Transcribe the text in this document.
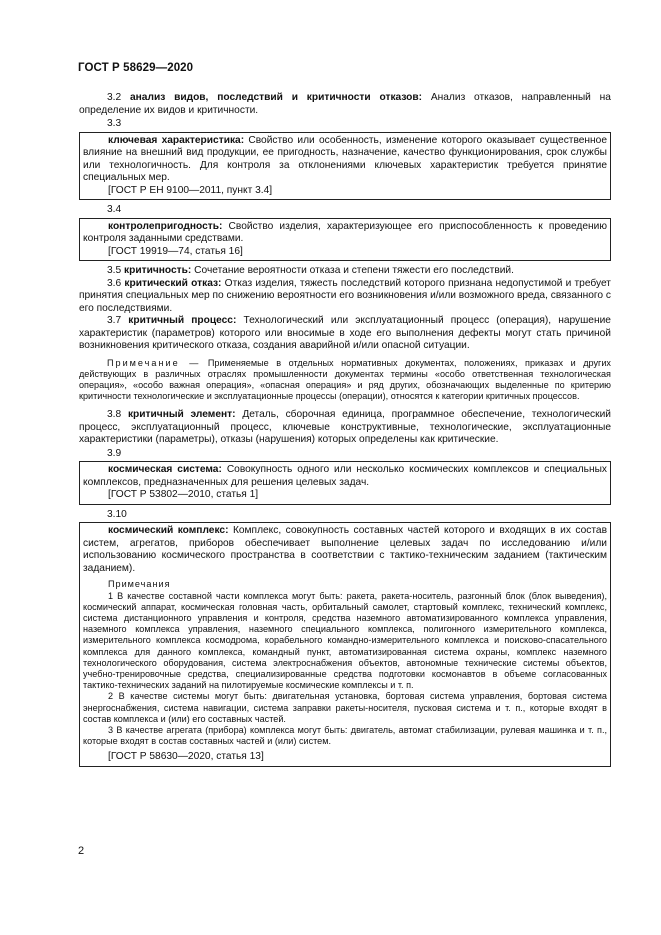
ГОСТ Р 58629—2020

3.2 анализ видов, последствий и критичности отказов: Анализ отказов, направленный на определение их видов и критичности.

3.3

ключевая характеристика: Свойство или особенность, изменение которого оказывает существенное влияние на внешний вид продукции, ее пригодность, назначение, качество функционирования, срок службы или технологичность. Для контроля за отклонениями ключевых характеристик требуется принятие специальных мер.

[ГОСТ Р ЕН 9100—2011, пункт 3.4]
3.4

контролепригодность: Свойство изделия, характеризующее его приспособленность к проведению контроля заданными средствами.

[ГОСТ 19919—74, статья 16]

3.5 критичность: Сочетание вероятности отказа и степени тяжести его последствий.

3.6 критический отказ: Отказ изделия, тяжесть последствий которого признана недопустимой и требует принятия специальных мер по снижению вероятности его возникновения и/или возможного вреда, связанного с его последствиями.

3.7 критичный процесс: Технологический или эксплуатационный процесс (операция), нарушение характеристик (параметров) которого или вносимые в ходе его выполнения дефекты могут стать причиной возникновения критического отказа, создания аварийной и/или опасной ситуации.

Примечание — Применяемые в отдельных нормативных документах, положениях, приказах и других действующих в различных отраслях промышленности документах термины «особо ответственная технологическая операция», «особо важная операция», «опасная операция» и ряд других, обозначающих выделенные по критерию критичности технологические и эксплуатационные процессы (операции), относятся к категории критичных процессов.

3.8 критичный элемент: Деталь, сборочная единица, программное обеспечение, технологический процесс, эксплуатационный процесс, ключевые конструктивные, технологические, эксплуатационные характеристики (параметры), отказы (нарушения) которых определены как критические.

3.9

космическая система: Совокупность одного или несколько космических комплексов и специальных комплексов, предназначенных для решения целевых задач.

[ГОСТ Р 53802—2010, статья 1]
3.10

космический комплекс: Комплекс, совокупность составных частей которого и входящих в их состав систем, агрегатов, приборов обеспечивает выполнение целевых задач по исследованию и/или использованию космического пространства в соответствии с тактико-техническим заданием (тактическим заданием).

Примечания

1 В качестве составной части комплекса могут быть: ракета, ракета-носитель, разгонный блок (блок выведения), космический аппарат, космическая головная часть, орбитальный самолет, стартовый комплекс, технический комплекс, система дистанционного управления и контроля, средства наземного автоматизированного комплекса управления, наземного комплекса управления, наземного специального комплекса, полигонного измерительного комплекса, измерительного комплекса космодрома, корабельного командно-измерительного комплекса и поисково-спасательного комплекса для данного комплекса, командный пункт, автоматизированная система охраны, комплекс наземного технологического оборудования, система электроснабжения объектов, автономные технические системы объектов, учебно-тренировочные средства, специализированные средства подготовки космонавтов в объеме согласованных тактико-технических заданий на пилотируемые космические комплексы и т. п.

2 В качестве системы могут быть: двигательная установка, бортовая система управления, бортовая система энергоснабжения, система навигации, система заправки ракеты-носителя, пусковая система и т. п., которые входят в состав комплекса и (или) его составных частей.

3 В качестве агрегата (прибора) комплекса могут быть: двигатель, автомат стабилизации, рулевая машинка и т. п., которые входят в состав составных частей и (или) систем.

[ГОСТ Р 58630—2020, статья 13]
2
